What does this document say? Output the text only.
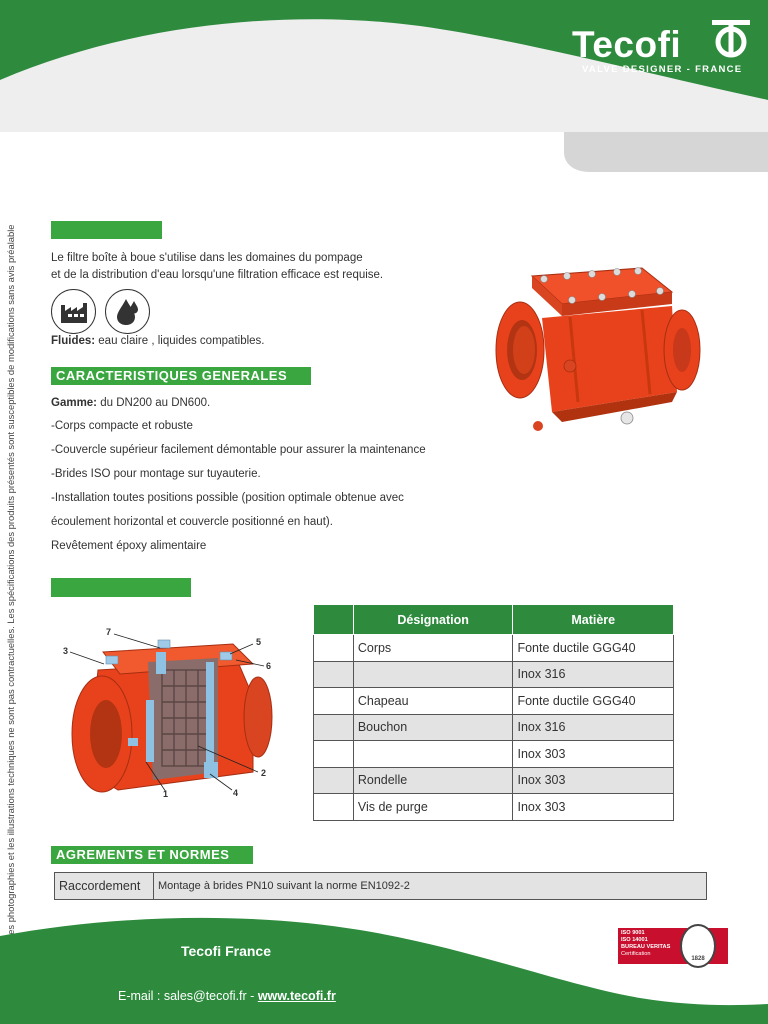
Tecofi
VALVE DESIGNER - FRANCE
Les photographies et les illustrations techniques ne sont pas contractuelles. Les spécifications des produits présentés sont susceptibles de modifications sans avis préalable	Le filtre boîte à boue s'utilise dans les domaines du pompage
et de la distribution d'eau lorsqu'une filtration efficace est requise.
Fluides: eau claire , liquides compatibles.
CARACTERISTIQUES GENERALES
Gamme: du DN200 au DN600.
-Corps compacte et robuste
-Couvercle supérieur facilement démontable pour assurer la maintenance
-Brides ISO pour montage sur tuyauterie.
-Installation toutes positions possible (position optimale obtenue avec
écoulement horizontal et couvercle positionné en haut).
Revêtement époxy alimentaire
3
7
5
6
2
4
1
	Désignation	Matière
	Corps	Fonte ductile GGG40
		Inox 316
	Chapeau	Fonte ductile GGG40
	Bouchon	Inox 316
		Inox 303
	Rondelle	Inox 303
	Vis de purge	Inox 303
AGREMENTS ET NORMES
Raccordement	Montage à brides PN10 suivant la norme EN1092-2
Tecofi France
E-mail : sales@tecofi.fr - www.tecofi.fr
ISO 9001
ISO 14001
BUREAU VERITAS
Certification
1828
